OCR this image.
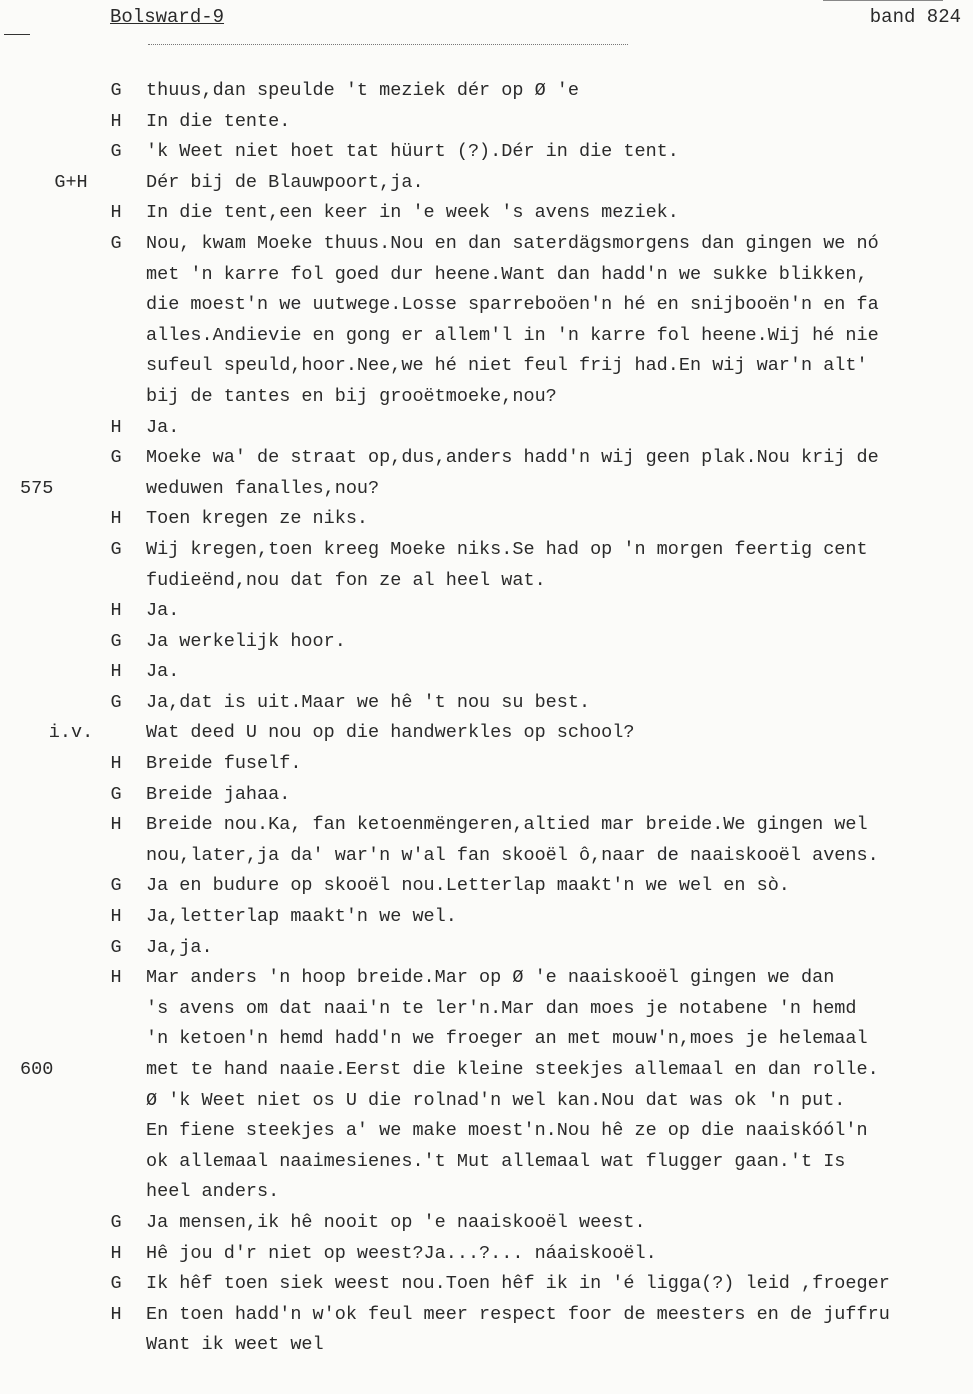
Bolsward-9	band 824
G	thuus,dan speulde 't meziek dér op Ø 'e
H	In die tente.
G	'k Weet niet hoet tat hüurt (?).Dér in die tent.
G+H	Dér bij de Blauwpoort,ja.
H	In die tent,een keer in 'e week 's avens meziek.
G	Nou, kwam Moeke thuus.Nou en dan saterdägsmorgens dan gingen we nó
met 'n karre fol goed dur heene.Want dan hadd'n we sukke blikken,
die moest'n we uutwege.Losse sparreboöen'n hé en snijbooën'n en fa
alles.Andievie en gong er allem'l in 'n karre fol heene.Wij hé nie
sufeul speuld,hoor.Nee,we hé niet feul frij had.En wij war'n alt'
bij de tantes en bij grooëtmoeke,nou?
H	Ja.
G	Moeke wa' de straat op,dus,anders hadd'n wij geen plak.Nou krij de
575	weduwen fanalles,nou?
H	Toen kregen ze niks.
G	Wij kregen,toen kreeg Moeke niks.Se had op 'n morgen feertig cent
fudieënd,nou dat fon ze al heel wat.
H	Ja.
G	Ja werkelijk hoor.
H	Ja.
G	Ja,dat is uit.Maar we hê 't nou su best.
i.v.	Wat deed U nou op die handwerkles op school?
H	Breide fuself.
G	Breide jahaa.
H	Breide nou.Ka, fan ketoenmëngeren,altied mar breide.We gingen wel
nou,later,ja da' war'n w'al fan skooël ô,naar de naaiskooël avens.
G	Ja en budure op skooël nou.Letterlap maakt'n we wel en sò.
H	Ja,letterlap maakt'n we wel.
G	Ja,ja.
H	Mar anders 'n hoop breide.Mar op Ø 'e naaiskooël gingen we dan
's avens om dat naai'n te ler'n.Mar dan moes je notabene 'n hemd
'n ketoen'n hemd hadd'n we froeger an met mouw'n,moes je helemaal
600	met te hand naaie.Eerst die kleine steekjes allemaal en dan rolle.
Ø 'k Weet niet os U die rolnad'n wel kan.Nou dat was ok 'n put.
En fiene steekjes a' we make moest'n.Nou hê ze op die naaiskóól'n
ok allemaal naaimesienes.'t Mut allemaal wat flugger gaan.'t Is
heel anders.
G	Ja mensen,ik hê nooit op 'e naaiskooël weest.
H	Hê jou d'r niet op weest?Ja...?... náaiskooël.
G	Ik hêf toen siek weest nou.Toen hêf ik in 'é ligga(?) leid ,froeger
H	En toen hadd'n w'ok feul meer respect foor de meesters en de juffru
Want ik weet wel
